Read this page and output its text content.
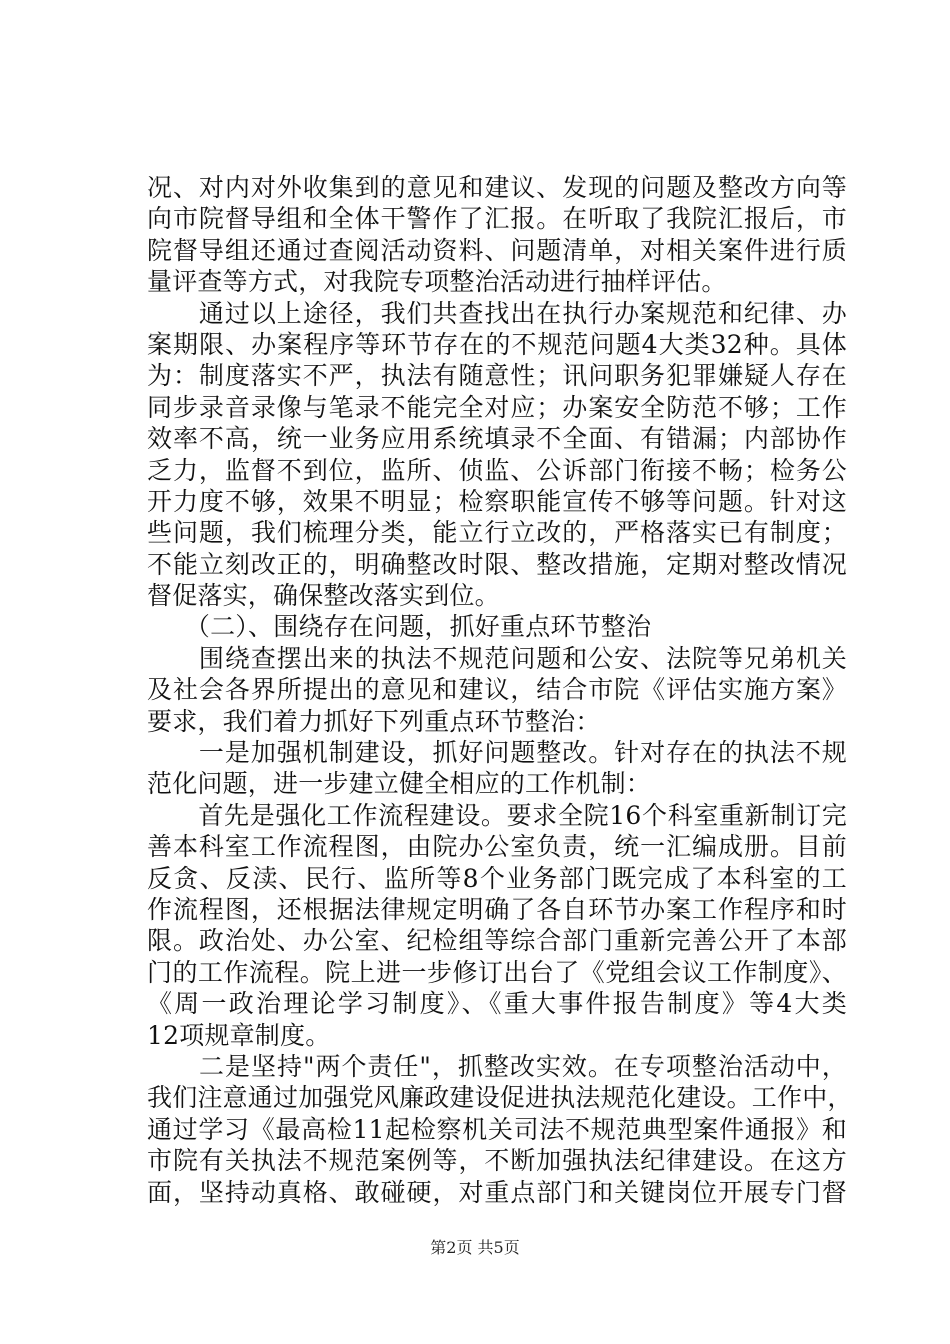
况、对内对外收集到的意见和建议、发现的问题及整改方向等
向市院督导组和全体干警作了汇报。在听取了我院汇报后，市
院督导组还通过查阅活动资料、问题清单，对相关案件进行质
量评查等方式，对我院专项整治活动进行抽样评估。
　　通过以上途径，我们共查找出在执行办案规范和纪律、办
案期限、办案程序等环节存在的不规范问题4大类32种。具体
为：制度落实不严，执法有随意性；讯问职务犯罪嫌疑人存在
同步录音录像与笔录不能完全对应；办案安全防范不够；工作
效率不高，统一业务应用系统填录不全面、有错漏；内部协作
乏力，监督不到位，监所、侦监、公诉部门衔接不畅；检务公
开力度不够，效果不明显；检察职能宣传不够等问题。针对这
些问题，我们梳理分类，能立行立改的，严格落实已有制度；
不能立刻改正的，明确整改时限、整改措施，定期对整改情况
督促落实，确保整改落实到位。
　　（二）、围绕存在问题，抓好重点环节整治
　　围绕查摆出来的执法不规范问题和公安、法院等兄弟机关
及社会各界所提出的意见和建议，结合市院《评估实施方案》
要求，我们着力抓好下列重点环节整治：
　　一是加强机制建设，抓好问题整改。针对存在的执法不规
范化问题，进一步建立健全相应的工作机制：
　　首先是强化工作流程建设。要求全院16个科室重新制订完
善本科室工作流程图，由院办公室负责，统一汇编成册。目前
反贪、反渎、民行、监所等8个业务部门既完成了本科室的工
作流程图，还根据法律规定明确了各自环节办案工作程序和时
限。政治处、办公室、纪检组等综合部门重新完善公开了本部
门的工作流程。院上进一步修订出台了《党组会议工作制度》、
《周一政治理论学习制度》、《重大事件报告制度》等4大类
12项规章制度。
　　二是坚持"两个责任"，抓整改实效。在专项整治活动中，
我们注意通过加强党风廉政建设促进执法规范化建设。工作中，
通过学习《最高检11起检察机关司法不规范典型案件通报》和
市院有关执法不规范案例等，不断加强执法纪律建设。在这方
面，坚持动真格、敢碰硬，对重点部门和关键岗位开展专门督
第2页 共5页
